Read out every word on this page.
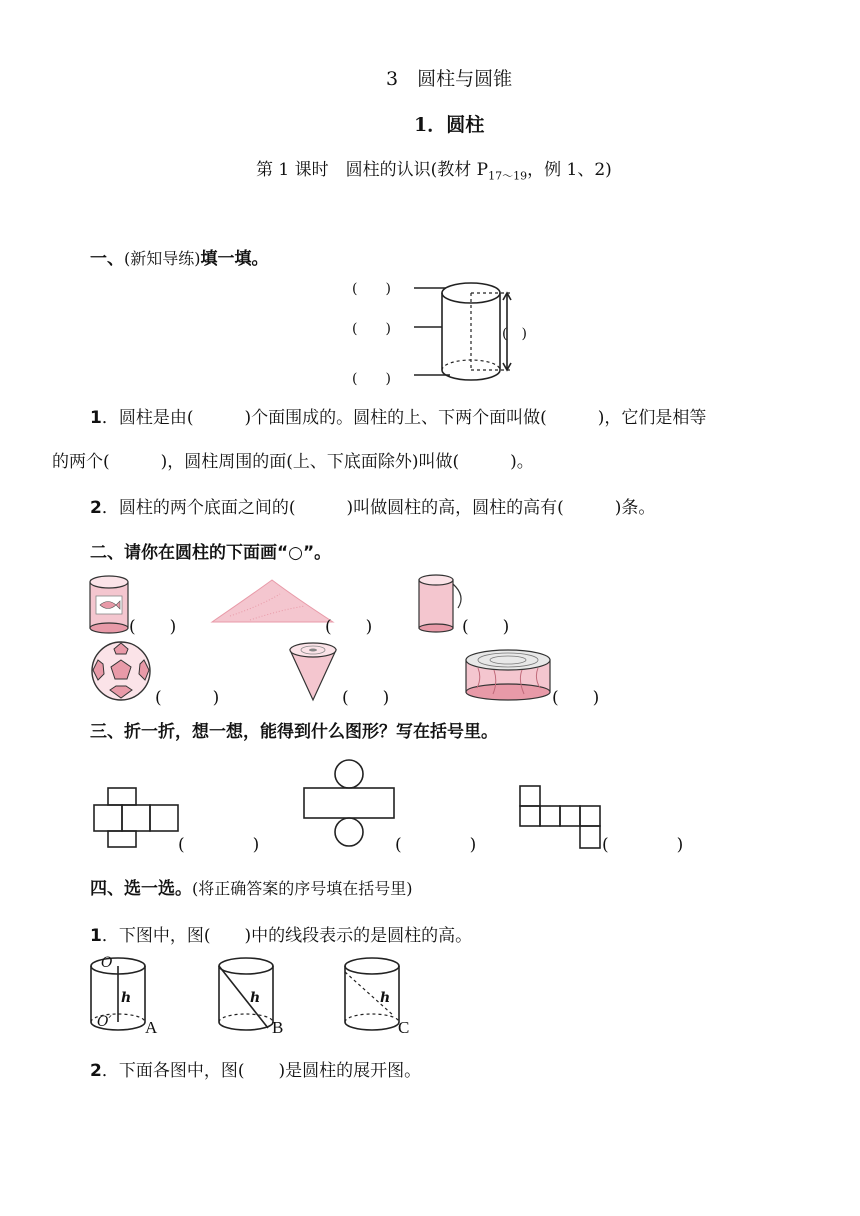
3　圆柱与圆锥
1．圆柱
第 1 课时　圆柱的认识(教材 $P_{17\sim 19}$，例 1、2)
一、(新知导练)填一填。
(　　)
(　　)
(　　)
(　)
1．圆柱是由(　　　)个面围成的。圆柱的上、下两个面叫做(　　　)，它们是相等
的两个(　　　)，圆柱周围的面(上、下底面除外)叫做(　　　)。
2．圆柱的两个底面之间的(　　　)叫做圆柱的高，圆柱的高有(　　　)条。
二、请你在圆柱的下面画“○”。
(　　)	(　　)	(　　)
(　　　)	(　　)	(　　)
三、折一折，想一想，能得到什么图形？写在括号里。
(　　　　)	(　　　　)	(　　　　)
四、选一选。(将正确答案的序号填在括号里)
1．下图中，图(　　)中的线段表示的是圆柱的高。
O
h
O′ A
h
B
h
C
2．下面各图中，图(　　)是圆柱的展开图。
